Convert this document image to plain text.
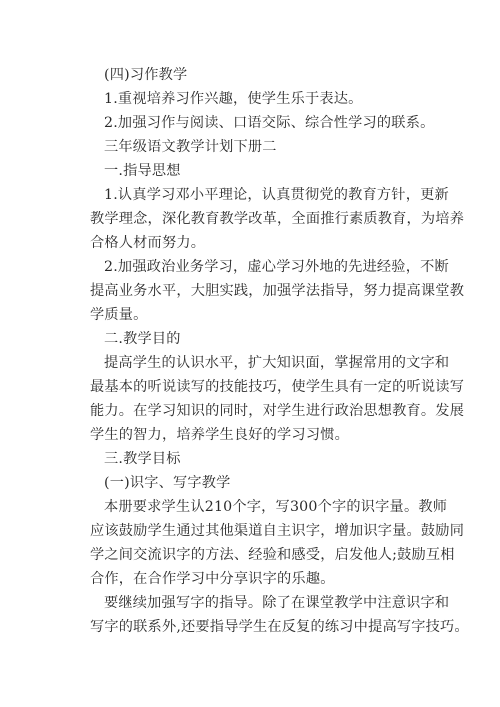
(四)习作教学
1.重视培养习作兴趣，使学生乐于表达。
2.加强习作与阅读、口语交际、综合性学习的联系。
三年级语文教学计划下册二
一.指导思想
1.认真学习邓小平理论，认真贯彻党的教育方针，更新
教学理念，深化教育教学改革，全面推行素质教育，为培养
合格人材而努力。
2.加强政治业务学习，虚心学习外地的先进经验，不断
提高业务水平，大胆实践，加强学法指导，努力提高课堂教
学质量。
二.教学目的
提高学生的认识水平，扩大知识面，掌握常用的文字和
最基本的听说读写的技能技巧，使学生具有一定的听说读写
能力。在学习知识的同时，对学生进行政治思想教育。发展
学生的智力，培养学生良好的学习习惯。
三.教学目标
(一)识字、写字教学
本册要求学生认210个字，写300个字的识字量。教师
应该鼓励学生通过其他渠道自主识字，增加识字量。鼓励同
学之间交流识字的方法、经验和感受，启发他人;鼓励互相
合作，在合作学习中分享识字的乐趣。
要继续加强写字的指导。除了在课堂教学中注意识字和
写字的联系外,还要指导学生在反复的练习中提高写字技巧。
